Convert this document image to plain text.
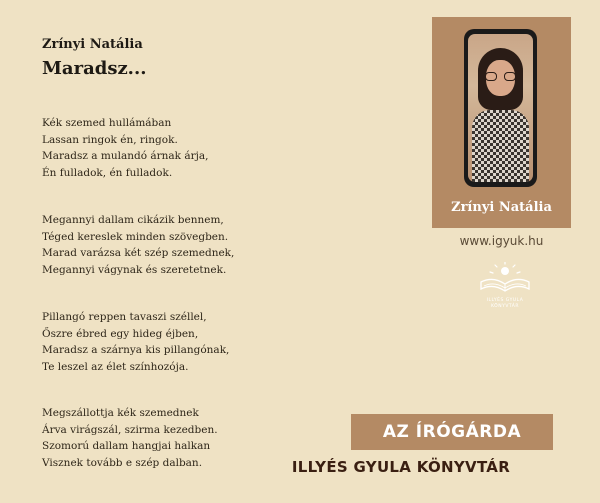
Zrínyi Natália
Maradsz...
Kék szemed hullámában
Lassan ringok én, ringok.
Maradsz a mulandó árnak árja,
Én fulladok, én fulladok.
Megannyi dallam cikázik bennem,
Téged kereslek minden szövegben.
Marad varázsa két szép szemednek,
Megannyi vágynak és szeretetnek.
Pillangó reppen tavaszi széllel,
Őszre ébred egy hideg éjben,
Maradsz a szárnya kis pillangónak,
Te leszel az élet színhozója.
Megszállottja kék szemednek
Árva virágszál, szirma kezedben.
Szomorú dallam hangjai halkan
Visznek tovább e szép dalban.
Zrínyi Natália
www.igyuk.hu
ILLYÉS GYULA
KÖNYVTÁR
AZ ÍRÓGÁRDA
ILLYÉS GYULA KÖNYVTÁR
